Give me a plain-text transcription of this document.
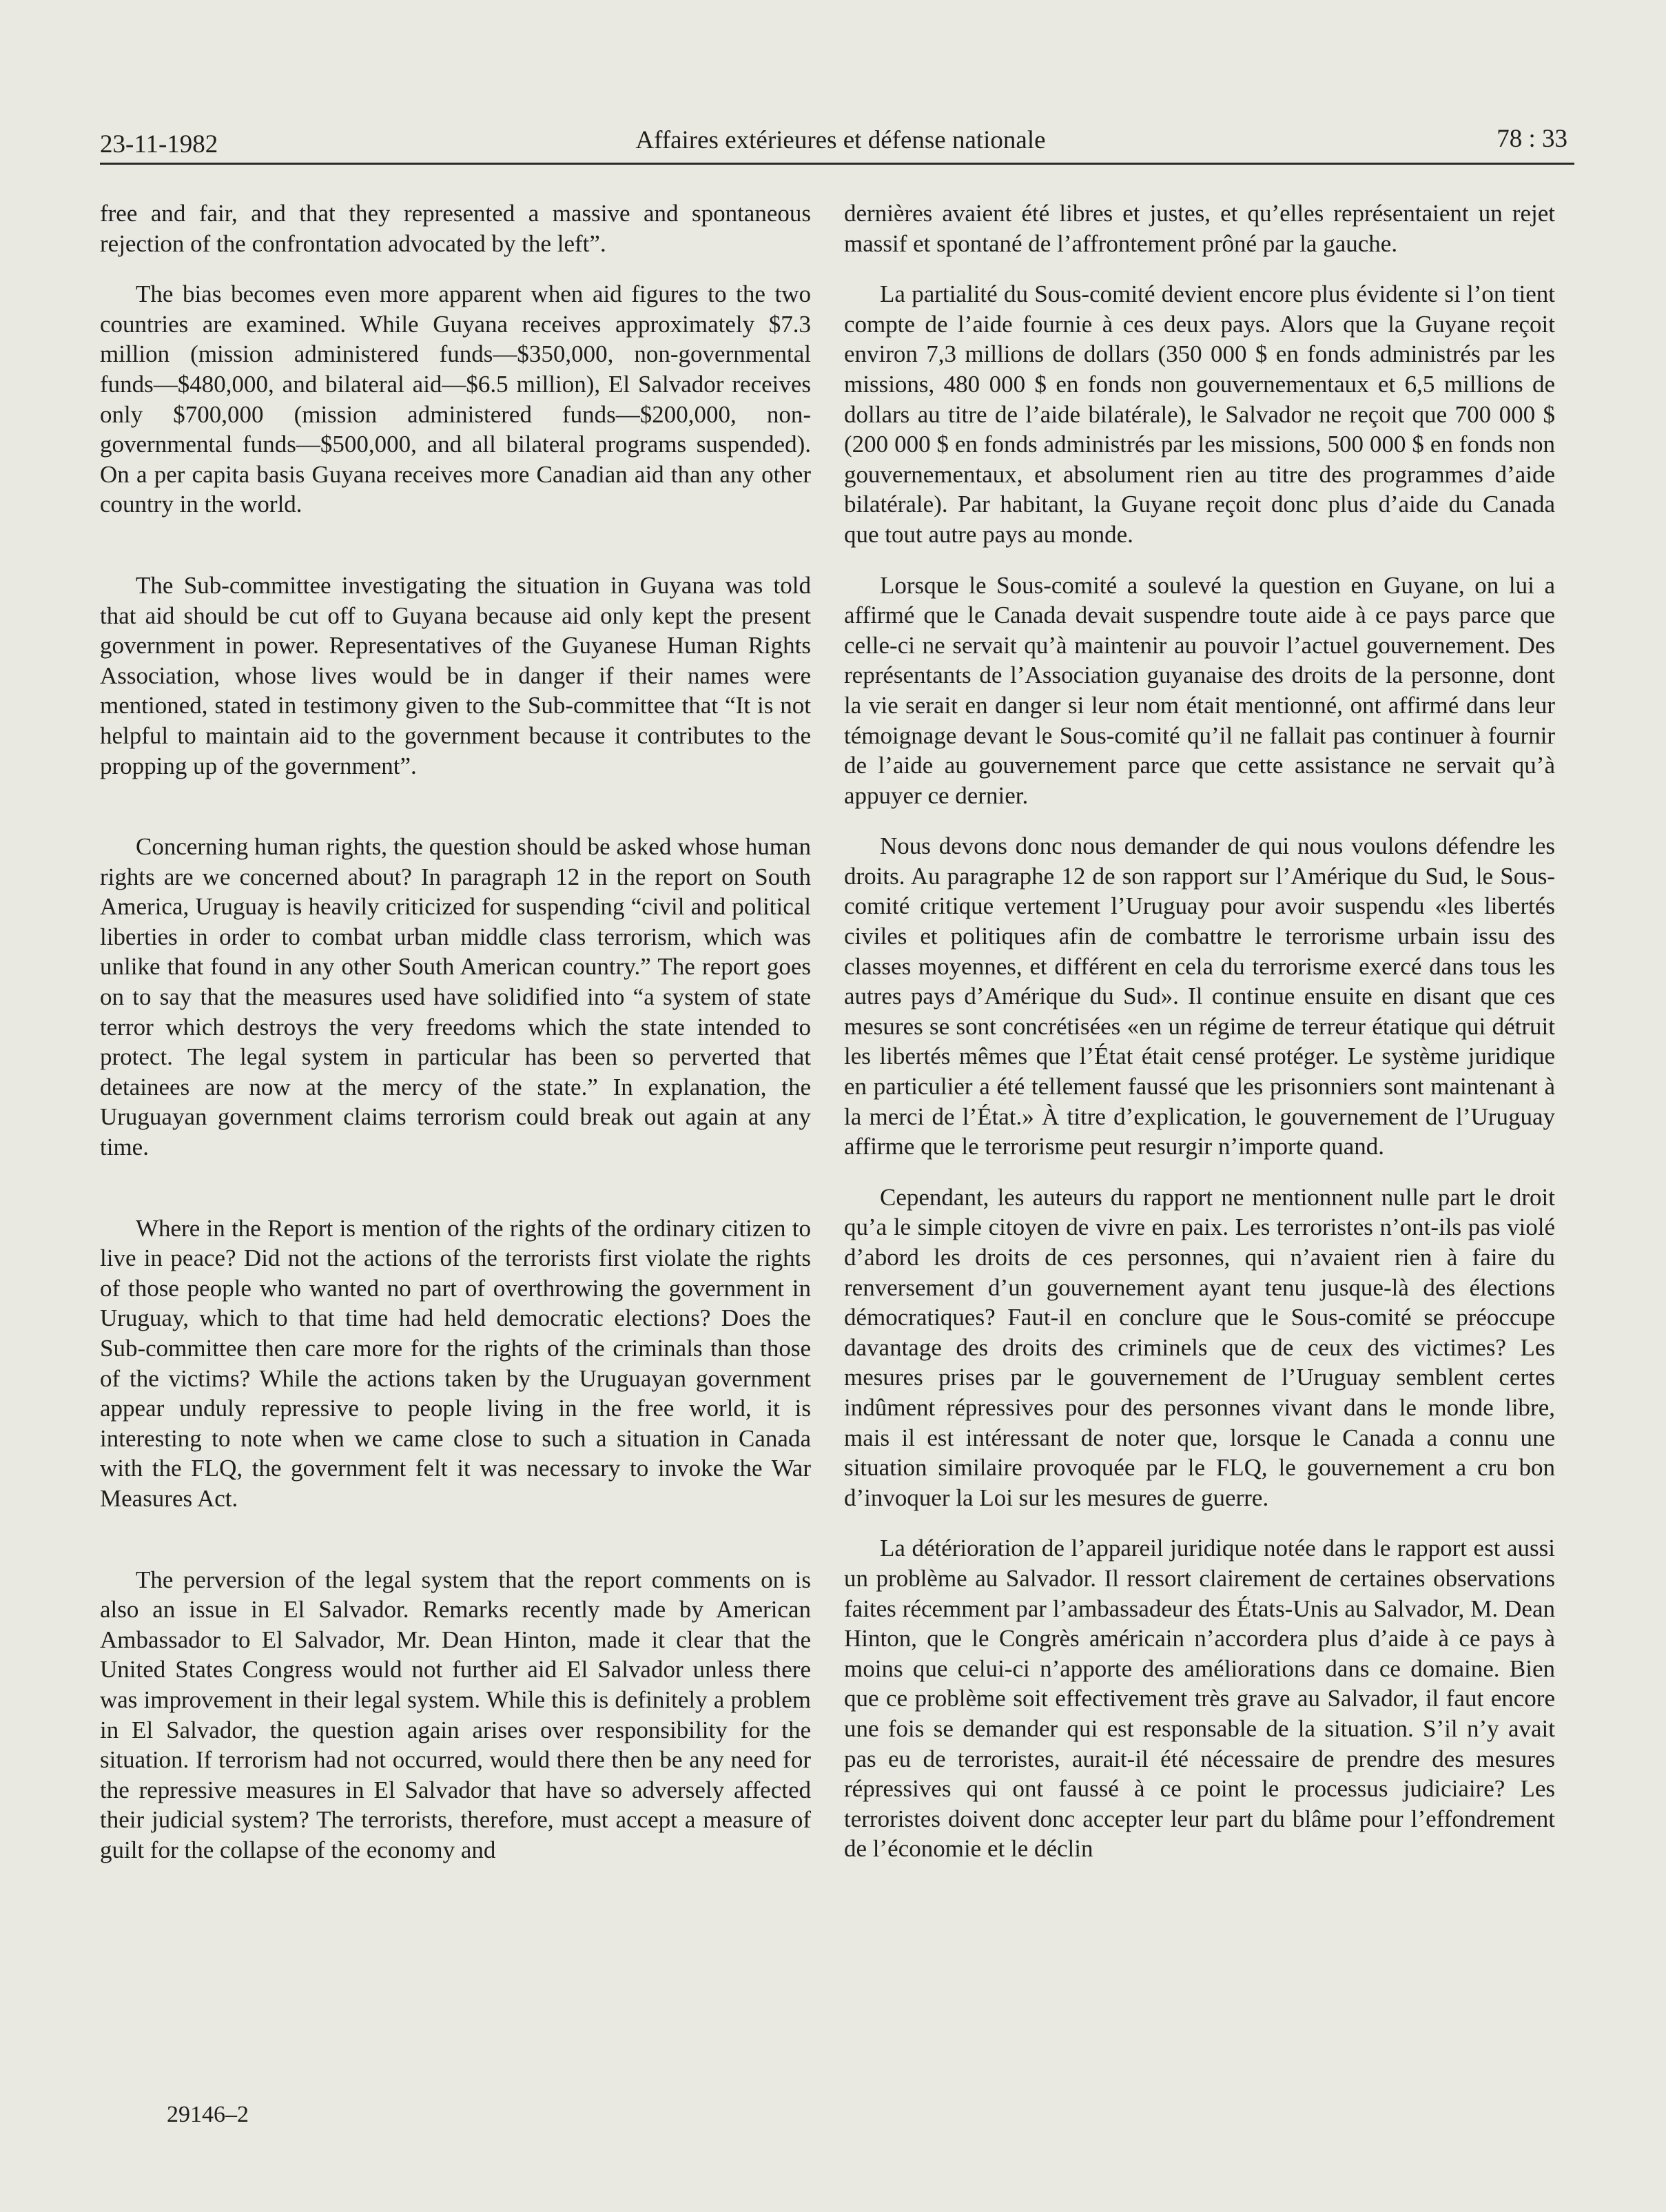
23-11-1982	Affaires extérieures et défense nationale	78 : 33

free and fair, and that they represented a massive and spontaneous rejection of the confrontation advocated by the left”.

The bias becomes even more apparent when aid figures to the two countries are examined. While Guyana receives approximately $7.3 million (mission administered funds—$350,000, non-governmental funds—$480,000, and bilateral aid—$6.5 million), El Salvador receives only $700,000 (mission administered funds—$200,000, non-governmental funds—$500,000, and all bilateral programs suspended). On a per capita basis Guyana receives more Canadian aid than any other country in the world.

The Sub-committee investigating the situation in Guyana was told that aid should be cut off to Guyana because aid only kept the present government in power. Representatives of the Guyanese Human Rights Association, whose lives would be in danger if their names were mentioned, stated in testimony given to the Sub-committee that “It is not helpful to maintain aid to the government because it contributes to the propping up of the government”.

Concerning human rights, the question should be asked whose human rights are we concerned about? In paragraph 12 in the report on South America, Uruguay is heavily criticized for suspending “civil and political liberties in order to combat urban middle class terrorism, which was unlike that found in any other South American country.” The report goes on to say that the measures used have solidified into “a system of state terror which destroys the very freedoms which the state intended to protect. The legal system in particular has been so perverted that detainees are now at the mercy of the state.” In explanation, the Uruguayan government claims terrorism could break out again at any time.

Where in the Report is mention of the rights of the ordinary citizen to live in peace? Did not the actions of the terrorists first violate the rights of those people who wanted no part of overthrowing the government in Uruguay, which to that time had held democratic elections? Does the Sub-committee then care more for the rights of the criminals than those of the victims? While the actions taken by the Uruguayan government appear unduly repressive to people living in the free world, it is interesting to note when we came close to such a situation in Canada with the FLQ, the government felt it was necessary to invoke the War Measures Act.

The perversion of the legal system that the report comments on is also an issue in El Salvador. Remarks recently made by American Ambassador to El Salvador, Mr. Dean Hinton, made it clear that the United States Congress would not further aid El Salvador unless there was improvement in their legal system. While this is definitely a problem in El Salvador, the question again arises over responsibility for the situation. If terrorism had not occurred, would there then be any need for the repressive measures in El Salvador that have so adversely affected their judicial system? The terrorists, therefore, must accept a measure of guilt for the collapse of the economy and

dernières avaient été libres et justes, et qu’elles représentaient un rejet massif et spontané de l’affrontement prôné par la gauche.

La partialité du Sous-comité devient encore plus évidente si l’on tient compte de l’aide fournie à ces deux pays. Alors que la Guyane reçoit environ 7,3 millions de dollars (350 000 $ en fonds administrés par les missions, 480 000 $ en fonds non gouvernementaux et 6,5 millions de dollars au titre de l’aide bilatérale), le Salvador ne reçoit que 700 000 $ (200 000 $ en fonds administrés par les missions, 500 000 $ en fonds non gouvernementaux, et absolument rien au titre des programmes d’aide bilatérale). Par habitant, la Guyane reçoit donc plus d’aide du Canada que tout autre pays au monde.

Lorsque le Sous-comité a soulevé la question en Guyane, on lui a affirmé que le Canada devait suspendre toute aide à ce pays parce que celle-ci ne servait qu’à maintenir au pouvoir l’actuel gouvernement. Des représentants de l’Association guyanaise des droits de la personne, dont la vie serait en danger si leur nom était mentionné, ont affirmé dans leur témoignage devant le Sous-comité qu’il ne fallait pas continuer à fournir de l’aide au gouvernement parce que cette assistance ne servait qu’à appuyer ce dernier.

Nous devons donc nous demander de qui nous voulons défendre les droits. Au paragraphe 12 de son rapport sur l’Amérique du Sud, le Sous-comité critique vertement l’Uruguay pour avoir suspendu «les libertés civiles et politiques afin de combattre le terrorisme urbain issu des classes moyennes, et différent en cela du terrorisme exercé dans tous les autres pays d’Amérique du Sud». Il continue ensuite en disant que ces mesures se sont concrétisées «en un régime de terreur étatique qui détruit les libertés mêmes que l’État était censé protéger. Le système juridique en particulier a été tellement faussé que les prisonniers sont maintenant à la merci de l’État.» À titre d’explication, le gouvernement de l’Uruguay affirme que le terrorisme peut resurgir n’importe quand.

Cependant, les auteurs du rapport ne mentionnent nulle part le droit qu’a le simple citoyen de vivre en paix. Les terroristes n’ont-ils pas violé d’abord les droits de ces personnes, qui n’avaient rien à faire du renversement d’un gouvernement ayant tenu jusque-là des élections démocratiques? Faut-il en conclure que le Sous-comité se préoccupe davantage des droits des criminels que de ceux des victimes? Les mesures prises par le gouvernement de l’Uruguay semblent certes indûment répressives pour des personnes vivant dans le monde libre, mais il est intéressant de noter que, lorsque le Canada a connu une situation similaire provoquée par le FLQ, le gouvernement a cru bon d’invoquer la Loi sur les mesures de guerre.

La détérioration de l’appareil juridique notée dans le rapport est aussi un problème au Salvador. Il ressort clairement de certaines observations faites récemment par l’ambassadeur des États-Unis au Salvador, M. Dean Hinton, que le Congrès américain n’accordera plus d’aide à ce pays à moins que celui-ci n’apporte des améliorations dans ce domaine. Bien que ce problème soit effectivement très grave au Salvador, il faut encore une fois se demander qui est responsable de la situation. S’il n’y avait pas eu de terroristes, aurait-il été nécessaire de prendre des mesures répressives qui ont faussé à ce point le processus judiciaire? Les terroristes doivent donc accepter leur part du blâme pour l’effondrement de l’économie et le déclin

29146–2
